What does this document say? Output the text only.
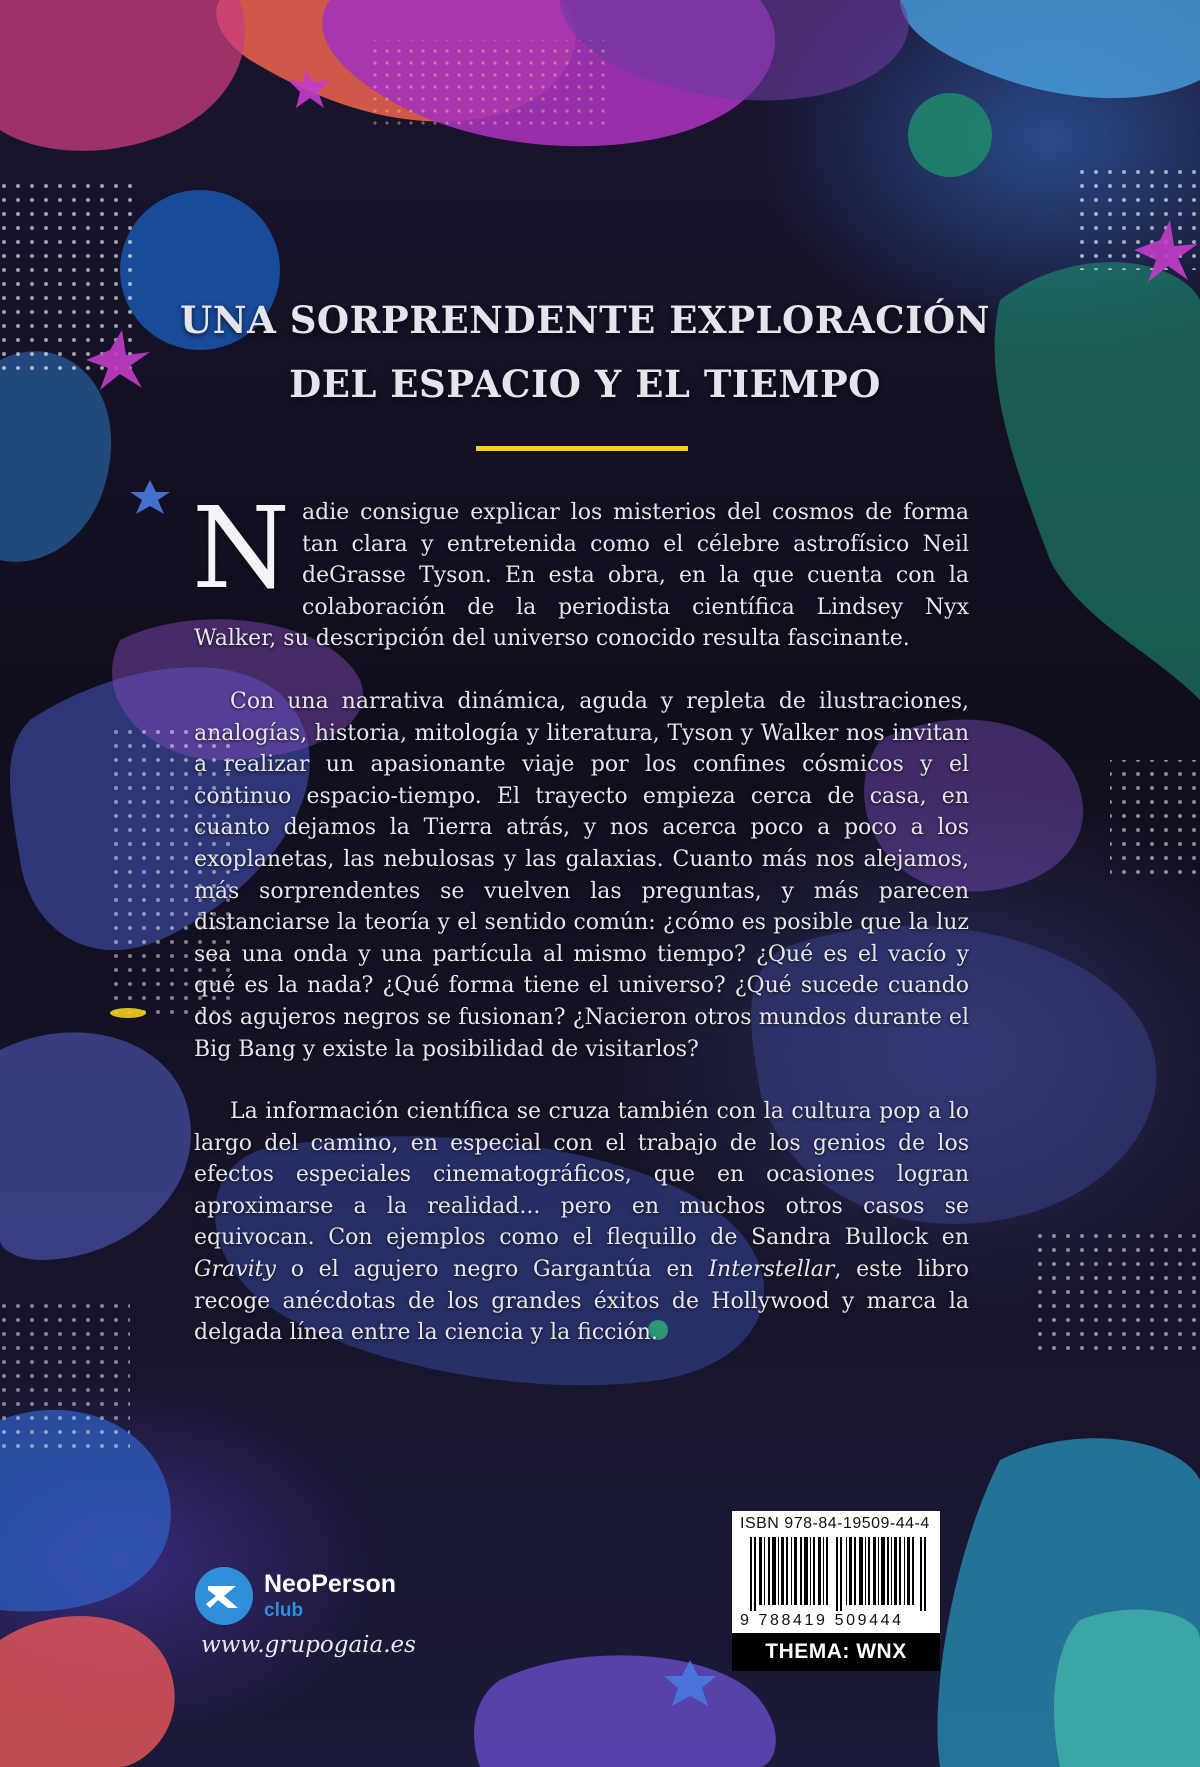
UNA SORPRENDENTE EXPLORACIÓN
DEL ESPACIO Y EL TIEMPO

Nadie consigue explicar los misterios del cosmos de forma tan clara y entretenida como el célebre astrofísico Neil deGrasse Tyson. En esta obra, en la que cuenta con la colaboración de la periodista científica Lindsey Nyx Walker, su descripción del universo conocido resulta fascinante.

Con una narrativa dinámica, aguda y repleta de ilustraciones, analogías, historia, mitología y literatura, Tyson y Walker nos invitan a realizar un apasionante viaje por los confines cósmicos y el continuo espacio-tiempo. El trayecto empieza cerca de casa, en cuanto dejamos la Tierra atrás, y nos acerca poco a poco a los exoplanetas, las nebulosas y las galaxias. Cuanto más nos alejamos, más sorprendentes se vuelven las preguntas, y más parecen distanciarse la teoría y el sentido común: ¿cómo es posible que la luz sea una onda y una partícula al mismo tiempo? ¿Qué es el vacío y qué es la nada? ¿Qué forma tiene el universo? ¿Qué sucede cuando dos agujeros negros se fusionan? ¿Nacieron otros mundos durante el Big Bang y existe la posibilidad de visitarlos?

La información científica se cruza también con la cultura pop a lo largo del camino, en especial con el trabajo de los genios de los efectos especiales cinematográficos, que en ocasiones logran aproximarse a la realidad... pero en muchos otros casos se equivocan. Con ejemplos como el flequillo de Sandra Bullock en Gravity o el agujero negro Gargantúa en Interstellar, este libro recoge anécdotas de los grandes éxitos de Hollywood y marca la delgada línea entre la ciencia y la ficción.

NeoPerson
club
www.grupogaia.es
ISBN 978-84-19509-44-4
9 788419 509444
THEMA: WNX
